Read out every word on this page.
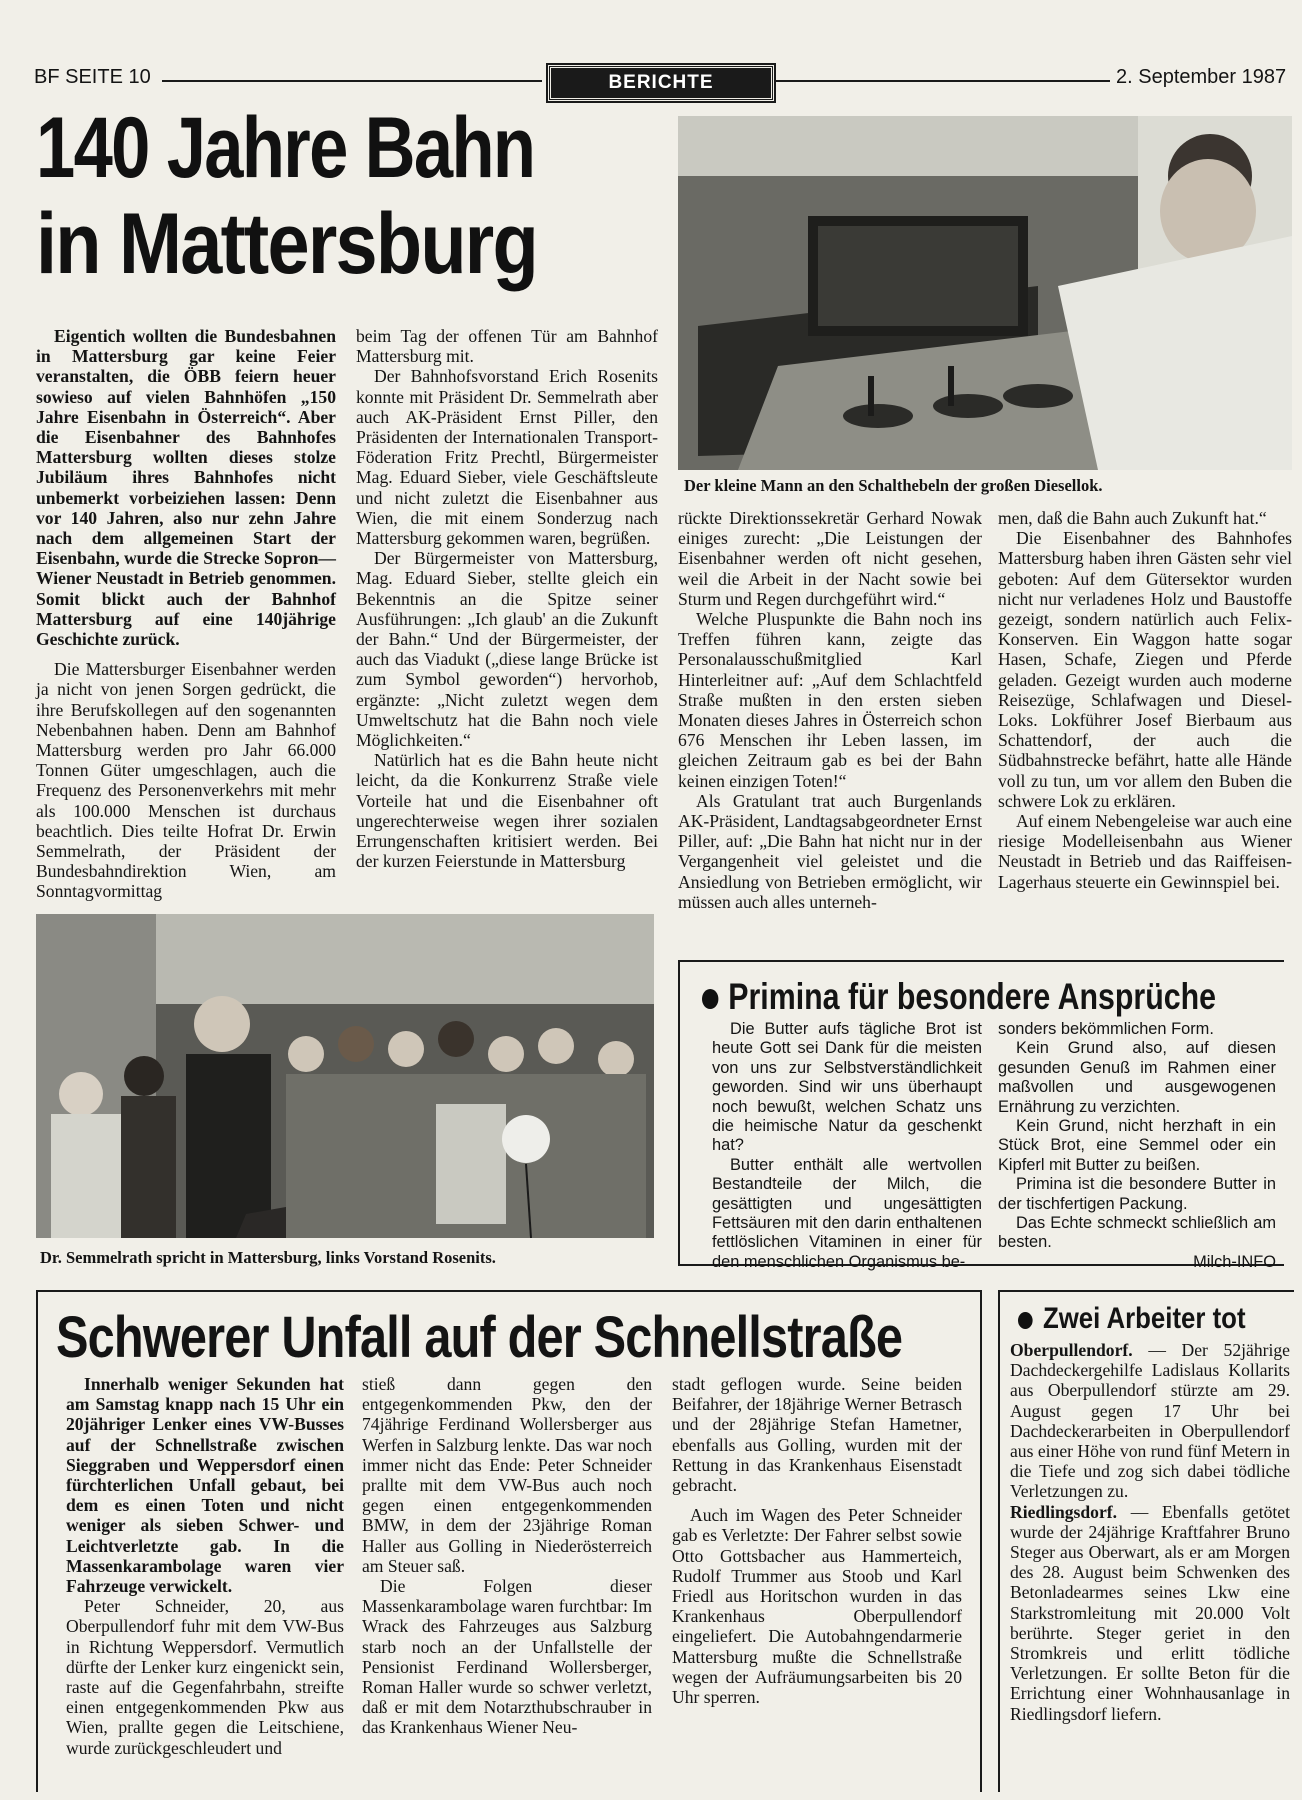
BF SEITE 10	BERICHTE	2. September 1987
140 Jahre Bahn
in Mattersburg
Der kleine Mann an den Schalthebeln der großen Diesellok.

Eigentich wollten die Bundesbahnen in Mattersburg gar keine Feier veranstalten, die ÖBB feiern heuer sowieso auf vielen Bahnhöfen „150 Jahre Eisenbahn in Österreich“. Aber die Eisenbahner des Bahnhofes Mattersburg wollten dieses stolze Jubiläum ihres Bahnhofes nicht unbemerkt vorbeiziehen lassen: Denn vor 140 Jahren, also nur zehn Jahre nach dem allgemeinen Start der Eisenbahn, wurde die Strecke Sopron—Wiener Neustadt in Betrieb genommen. Somit blickt auch der Bahnhof Mattersburg auf eine 140jährige Geschichte zurück.

Die Mattersburger Eisenbahner werden ja nicht von jenen Sorgen gedrückt, die ihre Berufskollegen auf den sogenannten Nebenbahnen haben. Denn am Bahnhof Mattersburg werden pro Jahr 66.000 Tonnen Güter umgeschlagen, auch die Frequenz des Personenverkehrs mit mehr als 100.000 Menschen ist durchaus beachtlich. Dies teilte Hofrat Dr. Erwin Semmelrath, der Präsident der Bundesbahndirektion Wien, am Sonntagvormittag

beim Tag der offenen Tür am Bahnhof Mattersburg mit.

Der Bahnhofsvorstand Erich Rosenits konnte mit Präsident Dr. Semmelrath aber auch AK-Präsident Ernst Piller, den Präsidenten der Internationalen Transport-Föderation Fritz Prechtl, Bürgermeister Mag. Eduard Sieber, viele Geschäftsleute und nicht zuletzt die Eisenbahner aus Wien, die mit einem Sonderzug nach Mattersburg gekommen waren, begrüßen.

Der Bürgermeister von Mattersburg, Mag. Eduard Sieber, stellte gleich ein Bekenntnis an die Spitze seiner Ausführungen: „Ich glaub' an die Zukunft der Bahn.“ Und der Bürgermeister, der auch das Viadukt („diese lange Brücke ist zum Symbol geworden“) hervorhob, ergänzte: „Nicht zuletzt wegen dem Umweltschutz hat die Bahn noch viele Möglichkeiten.“

Natürlich hat es die Bahn heute nicht leicht, da die Konkurrenz Straße viele Vorteile hat und die Eisenbahner oft ungerechterweise wegen ihrer sozialen Errungenschaften kritisiert werden. Bei der kurzen Feierstunde in Mattersburg

rückte Direktionssekretär Gerhard Nowak einiges zurecht: „Die Leistungen der Eisenbahner werden oft nicht gesehen, weil die Arbeit in der Nacht sowie bei Sturm und Regen durchgeführt wird.“

Welche Pluspunkte die Bahn noch ins Treffen führen kann, zeigte das Personalausschußmitglied Karl Hinterleitner auf: „Auf dem Schlachtfeld Straße mußten in den ersten sieben Monaten dieses Jahres in Österreich schon 676 Menschen ihr Leben lassen, im gleichen Zeitraum gab es bei der Bahn keinen einzigen Toten!“

Als Gratulant trat auch Burgenlands AK-Präsident, Landtagsabgeordneter Ernst Piller, auf: „Die Bahn hat nicht nur in der Vergangenheit viel geleistet und die Ansiedlung von Betrieben ermöglicht, wir müssen auch alles unterneh-

men, daß die Bahn auch Zukunft hat.“

Die Eisenbahner des Bahnhofes Mattersburg haben ihren Gästen sehr viel geboten: Auf dem Gütersektor wurden nicht nur verladenes Holz und Baustoffe gezeigt, sondern natürlich auch Felix-Konserven. Ein Waggon hatte sogar Hasen, Schafe, Ziegen und Pferde geladen. Gezeigt wurden auch moderne Reisezüge, Schlafwagen und Diesel-Loks. Lokführer Josef Bierbaum aus Schattendorf, der auch die Südbahnstrecke befährt, hatte alle Hände voll zu tun, um vor allem den Buben die schwere Lok zu erklären.

Auf einem Nebengeleise war auch eine riesige Modelleisenbahn aus Wiener Neustadt in Betrieb und das Raiffeisen-Lagerhaus steuerte ein Gewinnspiel bei.

Dr. Semmelrath spricht in Mattersburg, links Vorstand Rosenits.
Primina für besondere Ansprüche

Die Butter aufs tägliche Brot ist heute Gott sei Dank für die meisten von uns zur Selbstverständlichkeit geworden. Sind wir uns überhaupt noch bewußt, welchen Schatz uns die heimische Natur da geschenkt hat?

Butter enthält alle wertvollen Bestandteile der Milch, die gesättigten und ungesättigten Fettsäuren mit den darin enthaltenen fettlöslichen Vitaminen in einer für den menschlichen Organismus be-

sonders bekömmlichen Form.

Kein Grund also, auf diesen gesunden Genuß im Rahmen einer maßvollen und ausgewogenen Ernährung zu verzichten.

Kein Grund, nicht herzhaft in ein Stück Brot, eine Semmel oder ein Kipferl mit Butter zu beißen.

Primina ist die besondere Butter in der tischfertigen Packung.

Das Echte schmeckt schließlich am besten.

Milch-INFO

Schwerer Unfall auf der Schnellstraße

Innerhalb weniger Sekunden hat am Samstag knapp nach 15 Uhr ein 20jähriger Lenker eines VW-Busses auf der Schnellstraße zwischen Sieggraben und Weppersdorf einen fürchterlichen Unfall gebaut, bei dem es einen Toten und nicht weniger als sieben Schwer- und Leichtverletzte gab. In die Massenkarambolage waren vier Fahrzeuge verwickelt.

Peter Schneider, 20, aus Oberpullendorf fuhr mit dem VW-Bus in Richtung Weppersdorf. Vermutlich dürfte der Lenker kurz eingenickt sein, raste auf die Gegenfahrbahn, streifte einen entgegenkommenden Pkw aus Wien, prallte gegen die Leitschiene, wurde zurückgeschleudert und

stieß dann gegen den entgegenkommenden Pkw, den der 74jährige Ferdinand Wollersberger aus Werfen in Salzburg lenkte. Das war noch immer nicht das Ende: Peter Schneider prallte mit dem VW-Bus auch noch gegen einen entgegenkommenden BMW, in dem der 23jährige Roman Haller aus Golling in Niederösterreich am Steuer saß.

Die Folgen dieser Massenkarambolage waren furchtbar: Im Wrack des Fahrzeuges aus Salzburg starb noch an der Unfallstelle der Pensionist Ferdinand Wollersberger, Roman Haller wurde so schwer verletzt, daß er mit dem Notarzthubschrauber in das Krankenhaus Wiener Neu-

stadt geflogen wurde. Seine beiden Beifahrer, der 18jährige Werner Betrasch und der 28jährige Stefan Hametner, ebenfalls aus Golling, wurden mit der Rettung in das Krankenhaus Eisenstadt gebracht.

Auch im Wagen des Peter Schneider gab es Verletzte: Der Fahrer selbst sowie Otto Gottsbacher aus Hammerteich, Rudolf Trummer aus Stoob und Karl Friedl aus Horitschon wurden in das Krankenhaus Oberpullendorf eingeliefert. Die Autobahngendarmerie Mattersburg mußte die Schnellstraße wegen der Aufräumungsarbeiten bis 20 Uhr sperren.

Zwei Arbeiter tot

Oberpullendorf. — Der 52jährige Dachdeckergehilfe Ladislaus Kollarits aus Oberpullendorf stürzte am 29. August gegen 17 Uhr bei Dachdeckerarbeiten in Oberpullendorf aus einer Höhe von rund fünf Metern in die Tiefe und zog sich dabei tödliche Verletzungen zu.

Riedlingsdorf. — Ebenfalls getötet wurde der 24jährige Kraftfahrer Bruno Steger aus Oberwart, als er am Morgen des 28. August beim Schwenken des Betonladearmes seines Lkw eine Starkstromleitung mit 20.000 Volt berührte. Steger geriet in den Stromkreis und erlitt tödliche Verletzungen. Er sollte Beton für die Errichtung einer Wohnhausanlage in Riedlingsdorf liefern.
